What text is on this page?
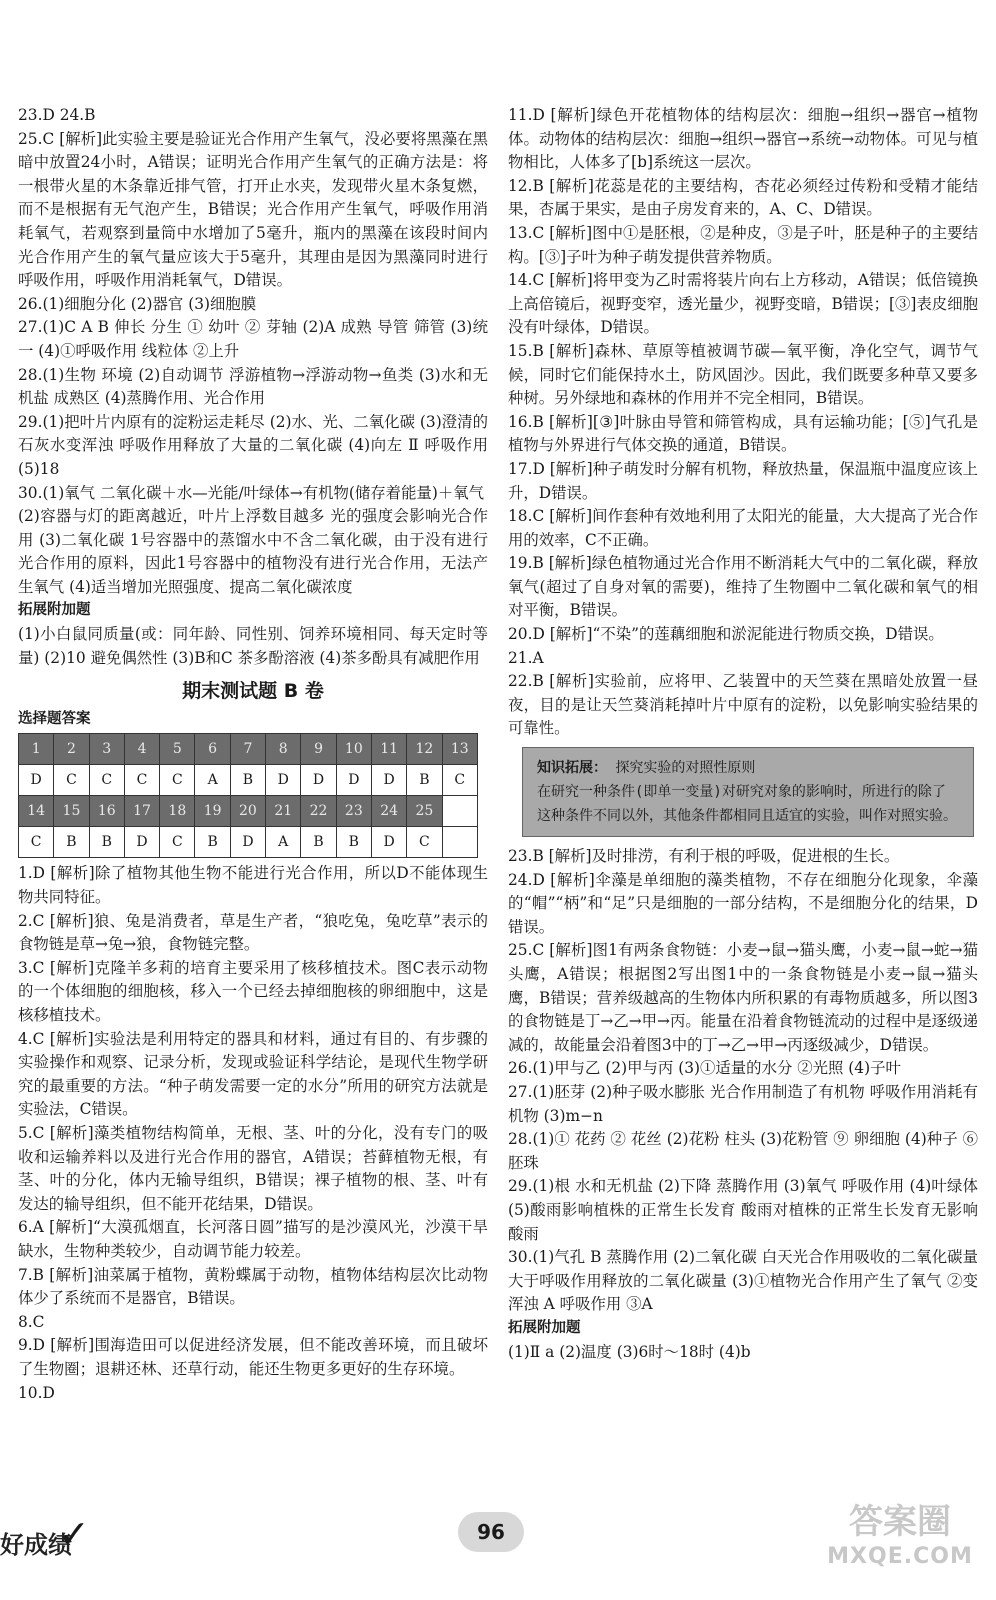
23.D 24.B

25.C [解析]此实验主要是验证光合作用产生氧气，没必要将黑藻在黑暗中放置24小时，A错误；证明光合作用产生氧气的正确方法是：将一根带火星的木条靠近排气管，打开止水夹，发现带火星木条复燃，而不是根据有无气泡产生，B错误；光合作用产生氧气，呼吸作用消耗氧气，若观察到量筒中水增加了5毫升，瓶内的黑藻在该段时间内光合作用产生的氧气量应该大于5毫升，其理由是因为黑藻同时进行呼吸作用，呼吸作用消耗氧气，D错误。

26.(1)细胞分化 (2)器官 (3)细胞膜

27.(1)C A B 伸长 分生 ① 幼叶 ② 芽轴 (2)A 成熟 导管 筛管 (3)统一 (4)①呼吸作用 线粒体 ②上升

28.(1)生物 环境 (2)自动调节 浮游植物→浮游动物→鱼类 (3)水和无机盐 成熟区 (4)蒸腾作用、光合作用

29.(1)把叶片内原有的淀粉运走耗尽 (2)水、光、二氧化碳 (3)澄清的石灰水变浑浊 呼吸作用释放了大量的二氧化碳 (4)向左 Ⅱ 呼吸作用 (5)18

30.(1)氧气 二氧化碳＋水—光能/叶绿体→有机物(储存着能量)＋氧气

(2)容器与灯的距离越近，叶片上浮数目越多 光的强度会影响光合作用 (3)二氧化碳 1号容器中的蒸馏水中不含二氧化碳，由于没有进行光合作用的原料，因此1号容器中的植物没有进行光合作用，无法产生氧气 (4)适当增加光照强度、提高二氧化碳浓度

拓展附加题

(1)小白鼠同质量(或：同年龄、同性别、饲养环境相同、每天定时等量) (2)10 避免偶然性 (3)B和C 茶多酚溶液 (4)茶多酚具有减肥作用

期末测试题 B 卷
选择题答案
1	2	3	4	5	6	7	8	9	10	11	12	13
D	C	C	C	C	A	B	D	D	D	D	B	C
14	15	16	17	18	19	20	21	22	23	24	25	
C	B	B	D	C	B	D	A	B	B	D	C	

1.D [解析]除了植物其他生物不能进行光合作用，所以D不能体现生物共同特征。

2.C [解析]狼、兔是消费者，草是生产者，“狼吃兔，兔吃草”表示的食物链是草→兔→狼，食物链完整。

3.C [解析]克隆羊多莉的培育主要采用了核移植技术。图C表示动物的一个体细胞的细胞核，移入一个已经去掉细胞核的卵细胞中，这是核移植技术。

4.C [解析]实验法是利用特定的器具和材料，通过有目的、有步骤的实验操作和观察、记录分析，发现或验证科学结论，是现代生物学研究的最重要的方法。“种子萌发需要一定的水分”所用的研究方法就是实验法，C错误。

5.C [解析]藻类植物结构简单，无根、茎、叶的分化，没有专门的吸收和运输养料以及进行光合作用的器官，A错误；苔藓植物无根，有茎、叶的分化，体内无输导组织，B错误；裸子植物的根、茎、叶有发达的输导组织，但不能开花结果，D错误。

6.A [解析]“大漠孤烟直，长河落日圆”描写的是沙漠风光，沙漠干旱缺水，生物种类较少，自动调节能力较差。

7.B [解析]油菜属于植物，黄粉蝶属于动物，植物体结构层次比动物体少了系统而不是器官，B错误。

8.C

9.D [解析]围海造田可以促进经济发展，但不能改善环境，而且破坏了生物圈；退耕还林、还草行动，能还生物更多更好的生存环境。

10.D

11.D [解析]绿色开花植物体的结构层次：细胞→组织→器官→植物体。动物体的结构层次：细胞→组织→器官→系统→动物体。可见与植物相比，人体多了[b]系统这一层次。

12.B [解析]花蕊是花的主要结构，杏花必须经过传粉和受精才能结果，杏属于果实，是由子房发育来的，A、C、D错误。

13.C [解析]图中①是胚根，②是种皮，③是子叶，胚是种子的主要结构。[③]子叶为种子萌发提供营养物质。

14.C [解析]将甲变为乙时需将装片向右上方移动，A错误；低倍镜换上高倍镜后，视野变窄，透光量少，视野变暗，B错误；[③]表皮细胞没有叶绿体，D错误。

15.B [解析]森林、草原等植被调节碳—氧平衡，净化空气，调节气候，同时它们能保持水土，防风固沙。因此，我们既要多种草又要多种树。另外绿地和森林的作用并不完全相同，B错误。

16.B [解析][③]叶脉由导管和筛管构成，具有运输功能；[⑤]气孔是植物与外界进行气体交换的通道，B错误。

17.D [解析]种子萌发时分解有机物，释放热量，保温瓶中温度应该上升，D错误。

18.C [解析]间作套种有效地利用了太阳光的能量，大大提高了光合作用的效率，C不正确。

19.B [解析]绿色植物通过光合作用不断消耗大气中的二氧化碳，释放氧气(超过了自身对氧的需要)，维持了生物圈中二氧化碳和氧气的相对平衡，B错误。

20.D [解析]“不染”的莲藕细胞和淤泥能进行物质交换，D错误。

21.A

22.B [解析]实验前，应将甲、乙装置中的天竺葵在黑暗处放置一昼夜，目的是让天竺葵消耗掉叶片中原有的淀粉，以免影响实验结果的可靠性。

知识拓展： 探究实验的对照性原则
在研究一种条件(即单一变量)对研究对象的影响时，所进行的除了这种条件不同以外，其他条件都相同且适宜的实验，叫作对照实验。

23.B [解析]及时排涝，有利于根的呼吸，促进根的生长。

24.D [解析]伞藻是单细胞的藻类植物，不存在细胞分化现象，伞藻的“帽”“柄”和“足”只是细胞的一部分结构，不是细胞分化的结果，D错误。

25.C [解析]图1有两条食物链：小麦→鼠→猫头鹰，小麦→鼠→蛇→猫头鹰，A错误；根据图2写出图1中的一条食物链是小麦→鼠→猫头鹰，B错误；营养级越高的生物体内所积累的有毒物质越多，所以图3的食物链是丁→乙→甲→丙。能量在沿着食物链流动的过程中是逐级递减的，故能量会沿着图3中的丁→乙→甲→丙逐级减少，D错误。

26.(1)甲与乙 (2)甲与丙 (3)①适量的水分 ②光照 (4)子叶

27.(1)胚芽 (2)种子吸水膨胀 光合作用制造了有机物 呼吸作用消耗有机物 (3)m−n

28.(1)① 花药 ② 花丝 (2)花粉 柱头 (3)花粉管 ⑨ 卵细胞 (4)种子 ⑥ 胚珠

29.(1)根 水和无机盐 (2)下降 蒸腾作用 (3)氧气 呼吸作用 (4)叶绿体 (5)酸雨影响植株的正常生长发育 酸雨对植株的正常生长发育无影响 酸雨

30.(1)气孔 B 蒸腾作用 (2)二氧化碳 白天光合作用吸收的二氧化碳量大于呼吸作用释放的二氧化碳量 (3)①植物光合作用产生了氧气 ②变浑浊 A 呼吸作用 ③A

拓展附加题

(1)Ⅱ a (2)温度 (3)6时～18时 (4)b

好成绩
✓	96	答案圈
MXQE.COM
